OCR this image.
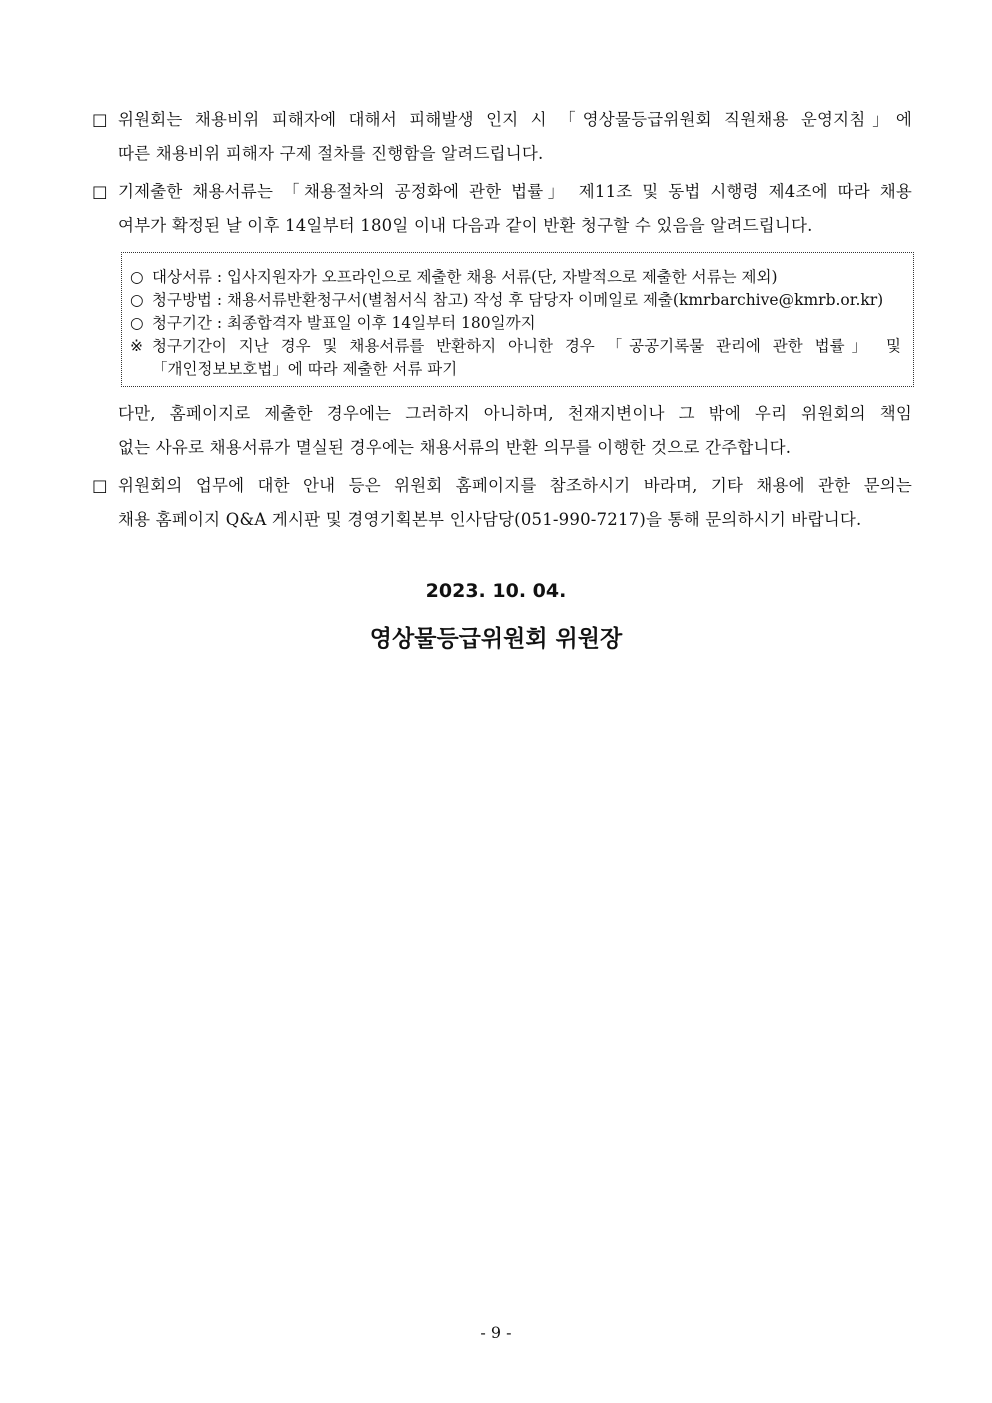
□ 위원회는 채용비위 피해자에 대해서 피해발생 인지 시 「영상물등급위원회 직원채용 운영지침」에
따른 채용비위 피해자 구제 절차를 진행함을 알려드립니다.
□ 기제출한 채용서류는 「채용절차의 공정화에 관한 법률」 제11조 및 동법 시행령 제4조에 따라 채용
여부가 확정된 날 이후 14일부터 180일 이내 다음과 같이 반환 청구할 수 있음을 알려드립니다.
○ 대상서류 : 입사지원자가 오프라인으로 제출한 채용 서류(단, 자발적으로 제출한 서류는 제외)
○ 청구방법 : 채용서류반환청구서(별첨서식 참고) 작성 후 담당자 이메일로 제출(kmrbarchive@kmrb.or.kr)
○ 청구기간 : 최종합격자 발표일 이후 14일부터 180일까지
※ 청구기간이 지난 경우 및 채용서류를 반환하지 아니한 경우 「공공기록물 관리에 관한 법률」 및
「개인정보보호법」에 따라 제출한 서류 파기
다만, 홈페이지로 제출한 경우에는 그러하지 아니하며, 천재지변이나 그 밖에 우리 위원회의 책임
없는 사유로 채용서류가 멸실된 경우에는 채용서류의 반환 의무를 이행한 것으로 간주합니다.
□ 위원회의 업무에 대한 안내 등은 위원회 홈페이지를 참조하시기 바라며, 기타 채용에 관한 문의는
채용 홈페이지 Q&A 게시판 및 경영기획본부 인사담당(051-990-7217)을 통해 문의하시기 바랍니다.
2023. 10. 04.
영상물등급위원회 위원장
- 9 -
